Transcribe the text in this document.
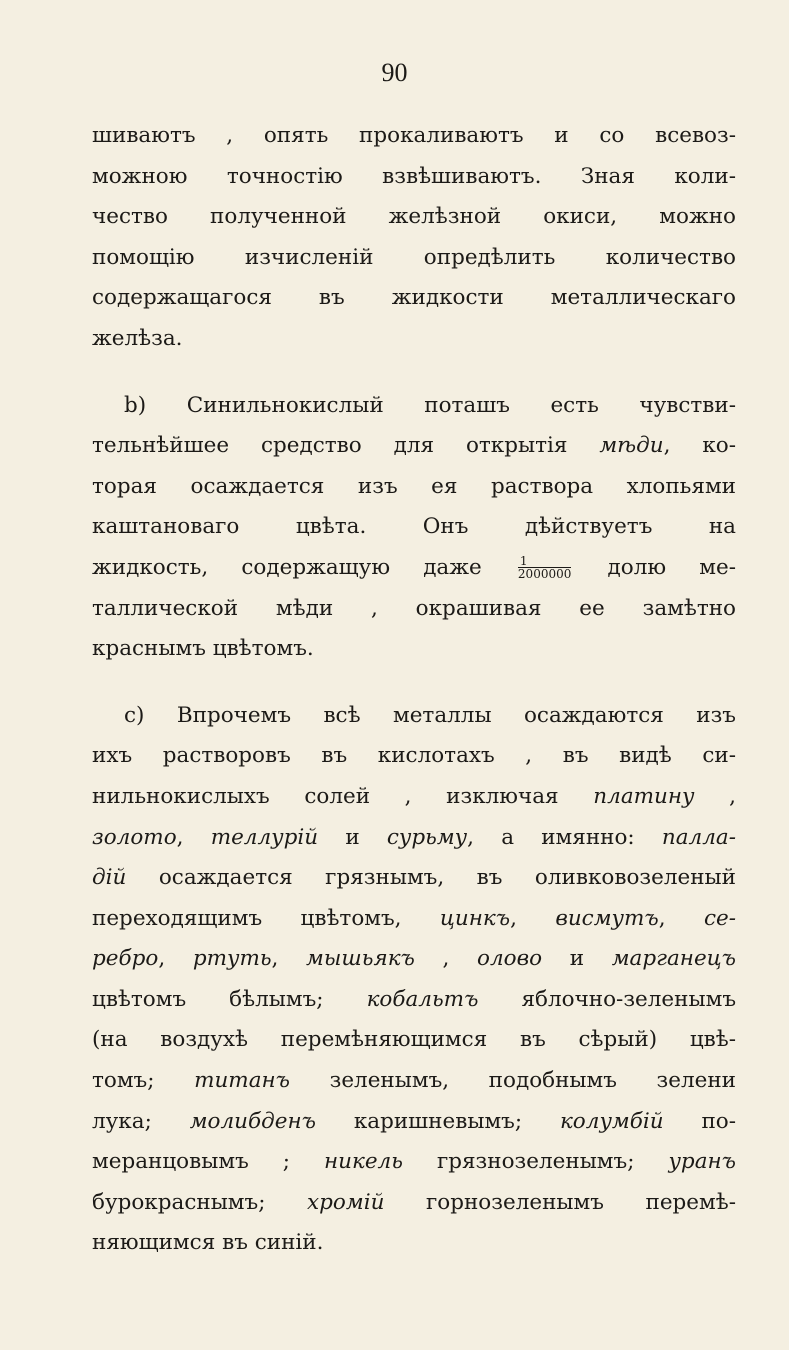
90
шиваютъ , опять прокаливаютъ и со всевоз-
можною точностію взвѣшиваютъ. Зная коли-
чество полученной желѣзной окиси, можно
помощію изчисленій опредѣлить количество
содержащагося въ жидкости металлическаго
желѣза.
b) Синильнокислый поташъ есть чувстви-
тельнѣйшее средство для открытія мѣди, ко-
торая осаждается изъ ея раствора хлопьями
каштановаго цвѣта. Онъ дѣйствуетъ на
жидкость, содержащую даже $\frac{1}{2000000}$ долю ме-
таллической мѣди , окрашивая ее замѣтно
краснымъ цвѣтомъ.
c) Впрочемъ всѣ металлы осаждаются изъ
ихъ растворовъ въ кислотахъ , въ видѣ си-
нильнокислыхъ солей , изключая платину ,
золото, теллурій и сурьму, а имянно: палла-
дій осаждается грязнымъ, въ оливковозеленый
переходящимъ цвѣтомъ, цинкъ, висмутъ, се-
ребро, ртуть, мышьякъ , олово и марганецъ
цвѣтомъ бѣлымъ; кобальтъ яблочно-зеленымъ
(на воздухѣ перемѣняющимся въ сѣрый) цвѣ-
томъ; титанъ зеленымъ, подобнымъ зелени
лука; молибденъ каришневымъ; колумбій по-
меранцовымъ ; никель грязнозеленымъ; уранъ
бурокраснымъ; хромій горнозеленымъ перемѣ-
няющимся въ синій.
